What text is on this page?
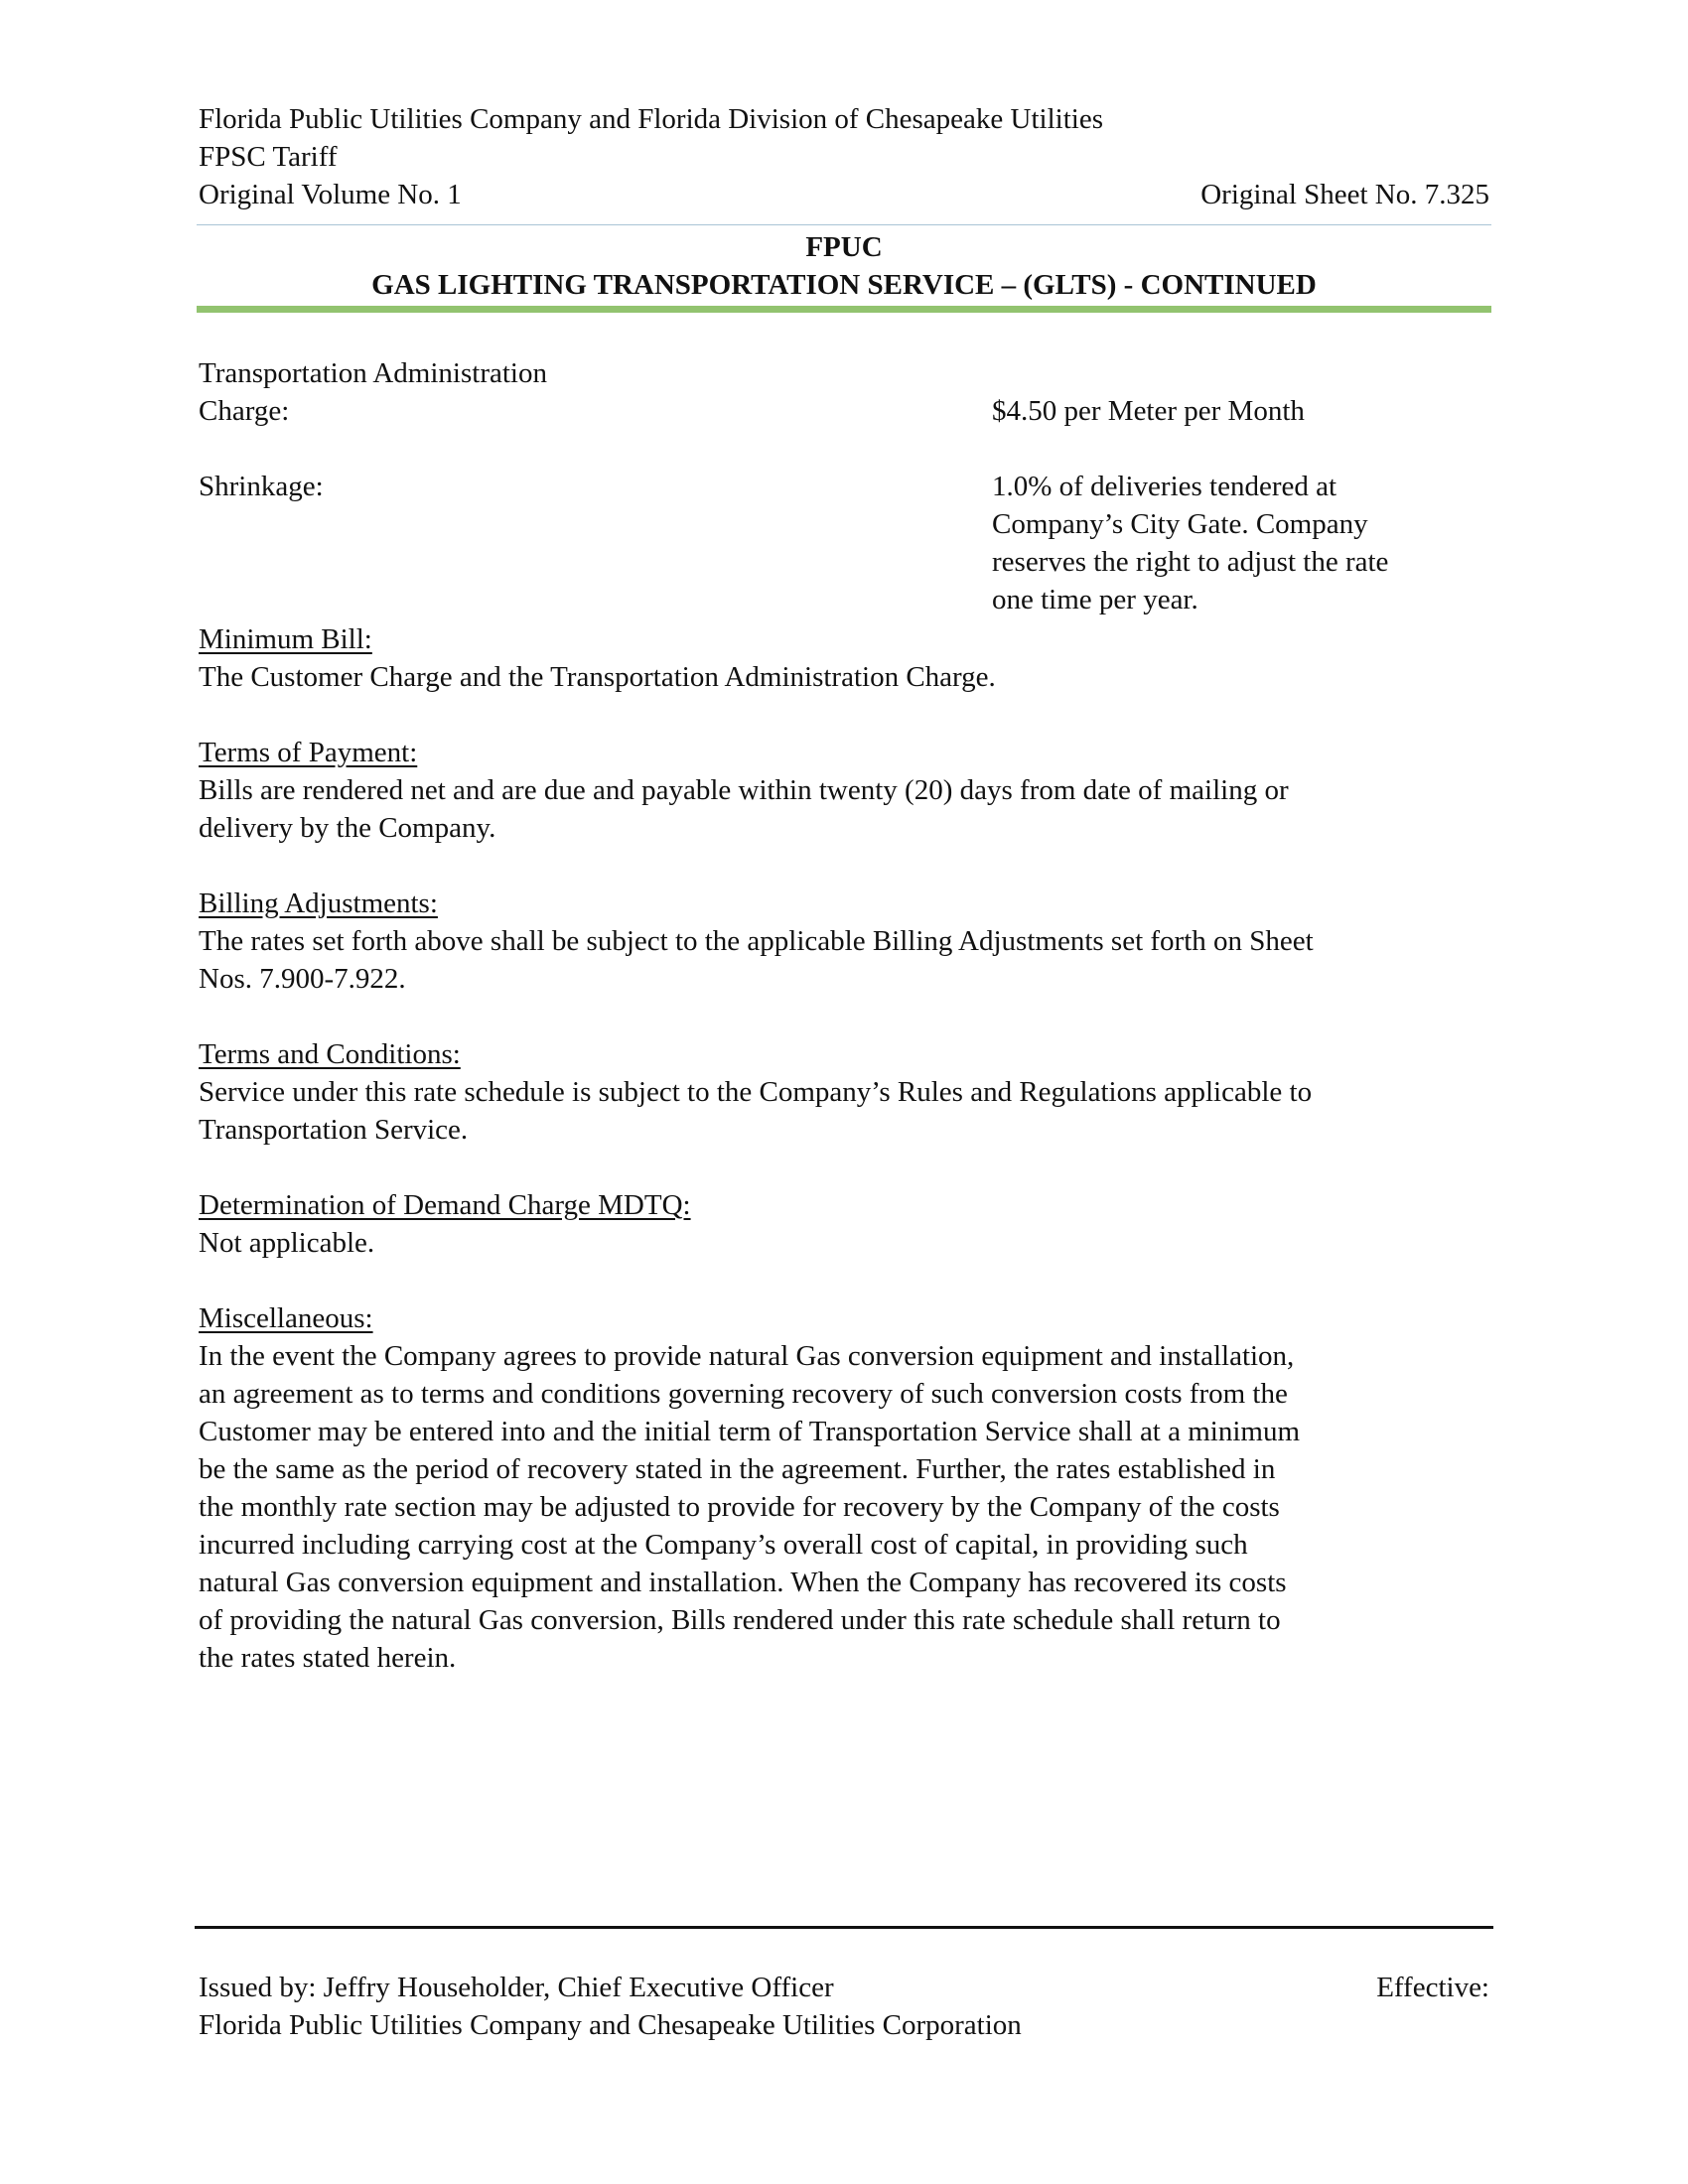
Florida Public Utilities Company and Florida Division of Chesapeake Utilities
FPSC Tariff
Original Volume No. 1	Original Sheet No. 7.325
FPUC
GAS LIGHTING TRANSPORTATION SERVICE – (GLTS) - CONTINUED
Transportation Administration
Charge:	$4.50 per Meter per Month
Shrinkage:	1.0% of deliveries tendered at
Company’s City Gate. Company
reserves the right to adjust the rate
one time per year.
Minimum Bill:
The Customer Charge and the Transportation Administration Charge.
Terms of Payment:
Bills are rendered net and are due and payable within twenty (20) days from date of mailing or
delivery by the Company.
Billing Adjustments:
The rates set forth above shall be subject to the applicable Billing Adjustments set forth on Sheet
Nos. 7.900-7.922.
Terms and Conditions:
Service under this rate schedule is subject to the Company’s Rules and Regulations applicable to
Transportation Service.
Determination of Demand Charge MDTQ:
Not applicable.
Miscellaneous:
In the event the Company agrees to provide natural Gas conversion equipment and installation,
an agreement as to terms and conditions governing recovery of such conversion costs from the
Customer may be entered into and the initial term of Transportation Service shall at a minimum
be the same as the period of recovery stated in the agreement. Further, the rates established in
the monthly rate section may be adjusted to provide for recovery by the Company of the costs
incurred including carrying cost at the Company’s overall cost of capital, in providing such
natural Gas conversion equipment and installation. When the Company has recovered its costs
of providing the natural Gas conversion, Bills rendered under this rate schedule shall return to
the rates stated herein.
Issued by: Jeffry Householder, Chief Executive Officer	Effective:
Florida Public Utilities Company and Chesapeake Utilities Corporation
